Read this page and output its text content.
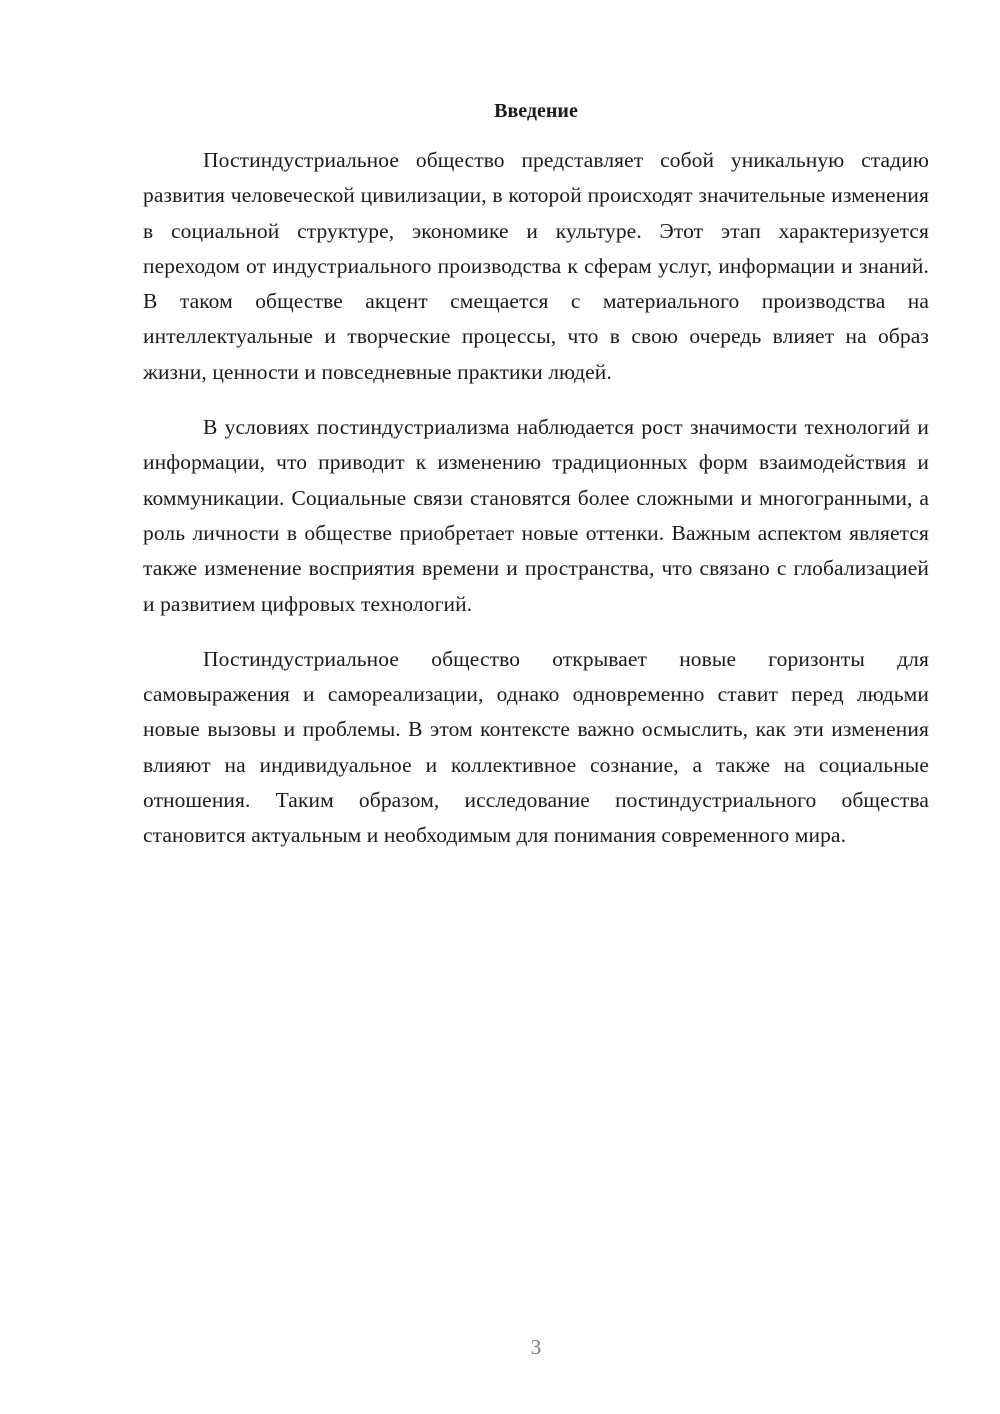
Введение

Постиндустриальное общество представляет собой уникальную стадию развития человеческой цивилизации, в которой происходят значительные изменения в социальной структуре, экономике и культуре. Этот этап характеризуется переходом от индустриального производства к сферам услуг, информации и знаний. В таком обществе акцент смещается с материального производства на интеллектуальные и творческие процессы, что в свою очередь влияет на образ жизни, ценности и повседневные практики людей.

В условиях постиндустриализма наблюдается рост значимости технологий и информации, что приводит к изменению традиционных форм взаимодействия и коммуникации. Социальные связи становятся более сложными и многогранными, а роль личности в обществе приобретает новые оттенки. Важным аспектом является также изменение восприятия времени и пространства, что связано с глобализацией и развитием цифровых технологий.

Постиндустриальное общество открывает новые горизонты для самовыражения и самореализации, однако одновременно ставит перед людьми новые вызовы и проблемы. В этом контексте важно осмыслить, как эти изменения влияют на индивидуальное и коллективное сознание, а также на социальные отношения. Таким образом, исследование постиндустриального общества становится актуальным и необходимым для понимания современного мира.

3
